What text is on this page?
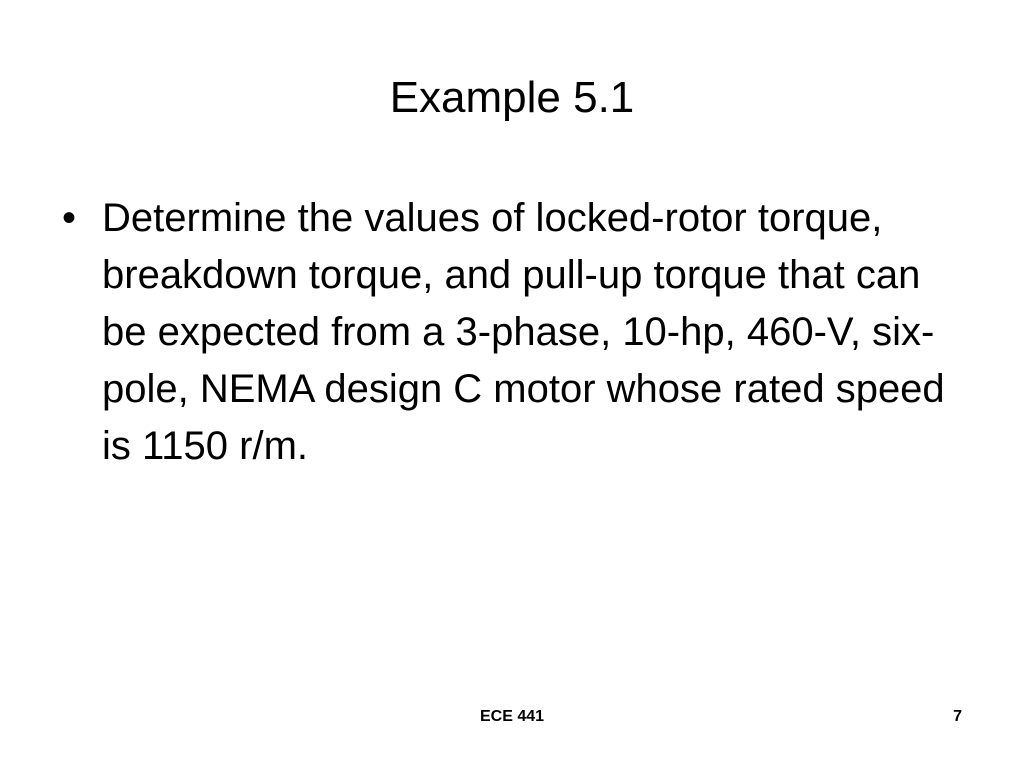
Example 5.1
• Determine the values of locked-rotor torque, breakdown torque, and pull-up torque that can be expected from a 3-phase, 10-hp, 460-V, six-pole, NEMA design C motor whose rated speed is 1150 r/m.
ECE 441	7
